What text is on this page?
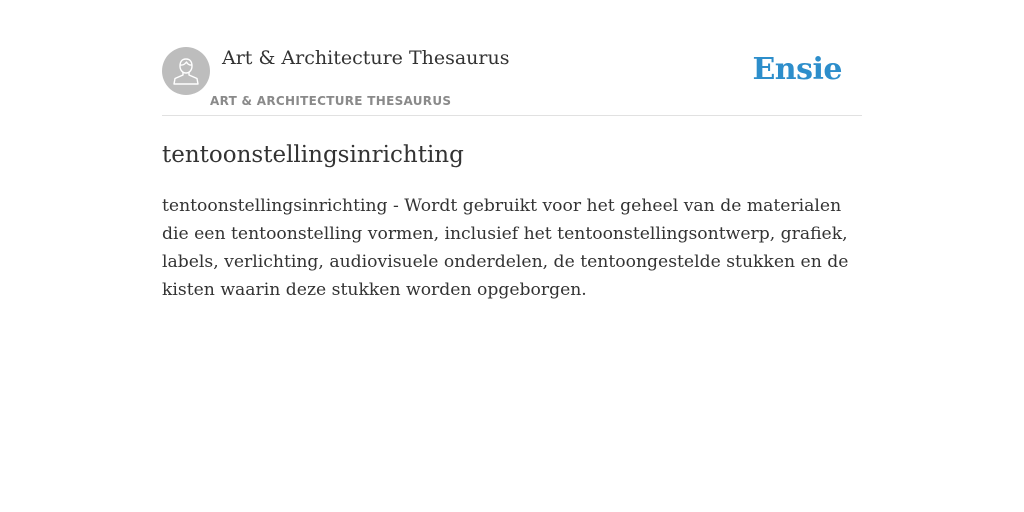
Art & Architecture Thesaurus
ART & ARCHITECTURE THESAURUS
Ensie
tentoonstellingsinrichting

tentoonstellingsinrichting - Wordt gebruikt voor het geheel van de materialen die een tentoonstelling vormen, inclusief het tentoonstellingsontwerp, grafiek, labels, verlichting, audiovisuele onderdelen, de tentoongestelde stukken en de kisten waarin deze stukken worden opgeborgen.
